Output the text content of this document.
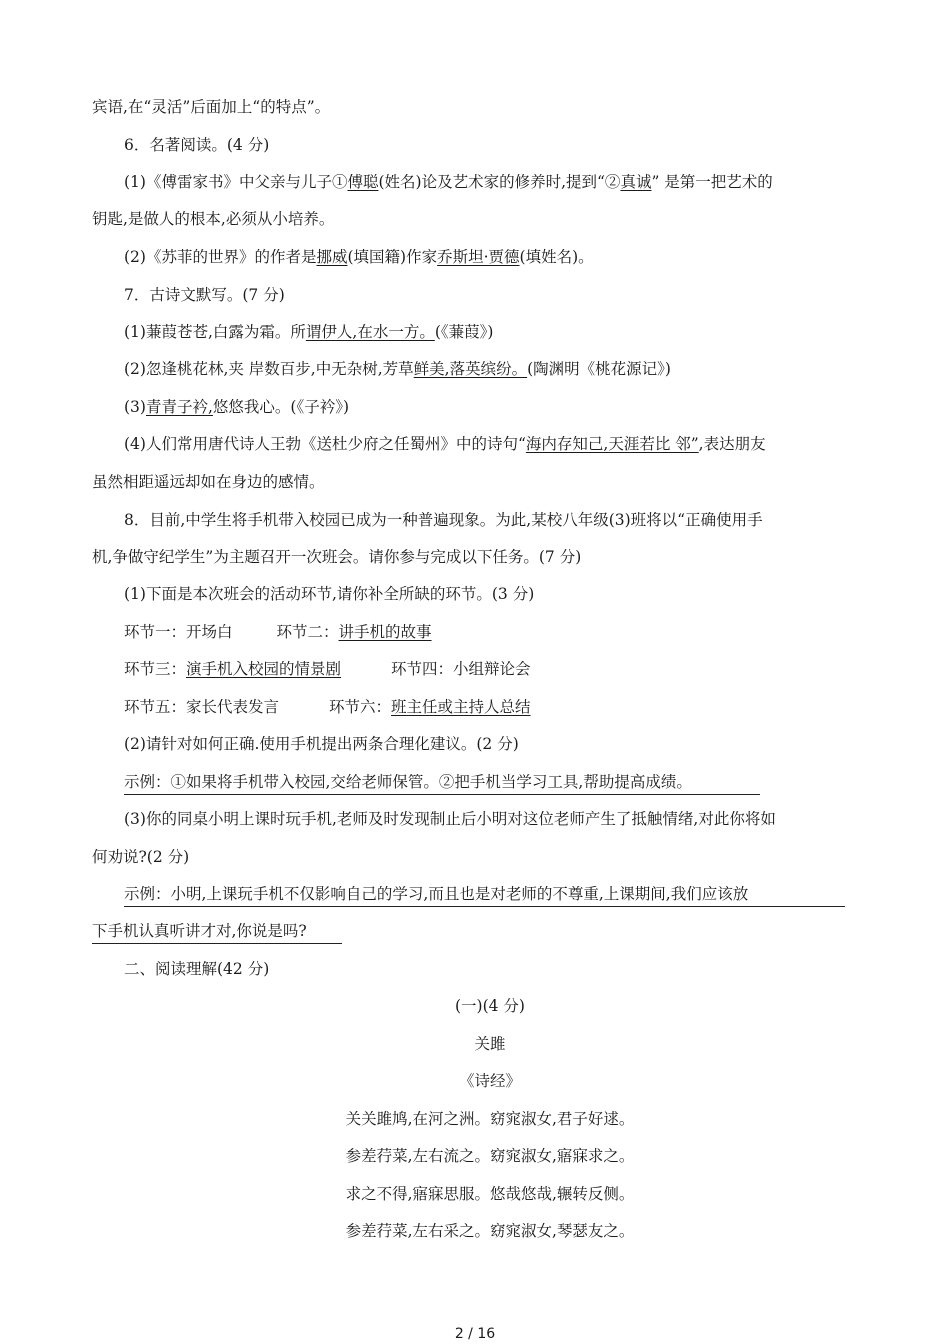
宾语,在“灵活”后面加上“的特点”。
6．名著阅读。(4 分)
(1)《傅雷家书》中父亲与儿子①傅聪(姓名)论及艺术家的修养时,提到“②真诚” 是第一把艺术的
钥匙,是做人的根本,必须从小培养。
(2)《苏菲的世界》的作者是挪威(填国籍)作家乔斯坦·贾德(填姓名)。
7．古诗文默写。(7 分)
(1)蒹葭苍苍,白露为霜。所谓伊人,在水一方。(《蒹葭》)
(2)忽逢桃花林,夹 岸数百步,中无杂树,芳草鲜美,落英缤纷。(陶渊明《桃花源记》)
(3)青青子衿,悠悠我心。(《子衿》)
(4)人们常用唐代诗人王勃《送杜少府之任蜀州》中的诗句“海内存知己,天涯若比 邻”,表达朋友
虽然相距遥远却如在身边的感情。
8．目前,中学生将手机带入校园已成为一种普遍现象。为此,某校八年级(3)班将以“正确使用手
机,争做守纪学生”为主题召开一次班会。请你参与完成以下任务。(7 分)
(1)下面是本次班会的活动环节,请你补全所缺的环节。(3 分)
环节一：开场白	环节二：讲手机的故事
环节三：演手机入校园的情景剧	环节四：小组辩论会
环节五：家长代表发言	环节六：班主任或主持人总结
(2)请针对如何正确.使用手机提出两条合理化建议。(2 分)
示例：①如果将手机带入校园,交给老师保管。②把手机当学习工具,帮助提高成绩。
(3)你的同桌小明上课时玩手机,老师及时发现制止后小明对这位老师产生了抵触情绪,对此你将如
何劝说?(2 分)
示例：小明,上课玩手机不仅影响自己的学习,而且也是对老师的不尊重,上课期间,我们应该放
下手机认真听讲才对,你说是吗?
二、阅读理解(42 分)
(一)(4 分)
关雎
《诗经》
关关雎鸠,在河之洲。窈窕淑女,君子好逑。
参差荇菜,左右流之。窈窕淑女,寤寐求之。
求之不得,寤寐思服。悠哉悠哉,辗转反侧。
参差荇菜,左右采之。窈窕淑女,琴瑟友之。
2 / 16
